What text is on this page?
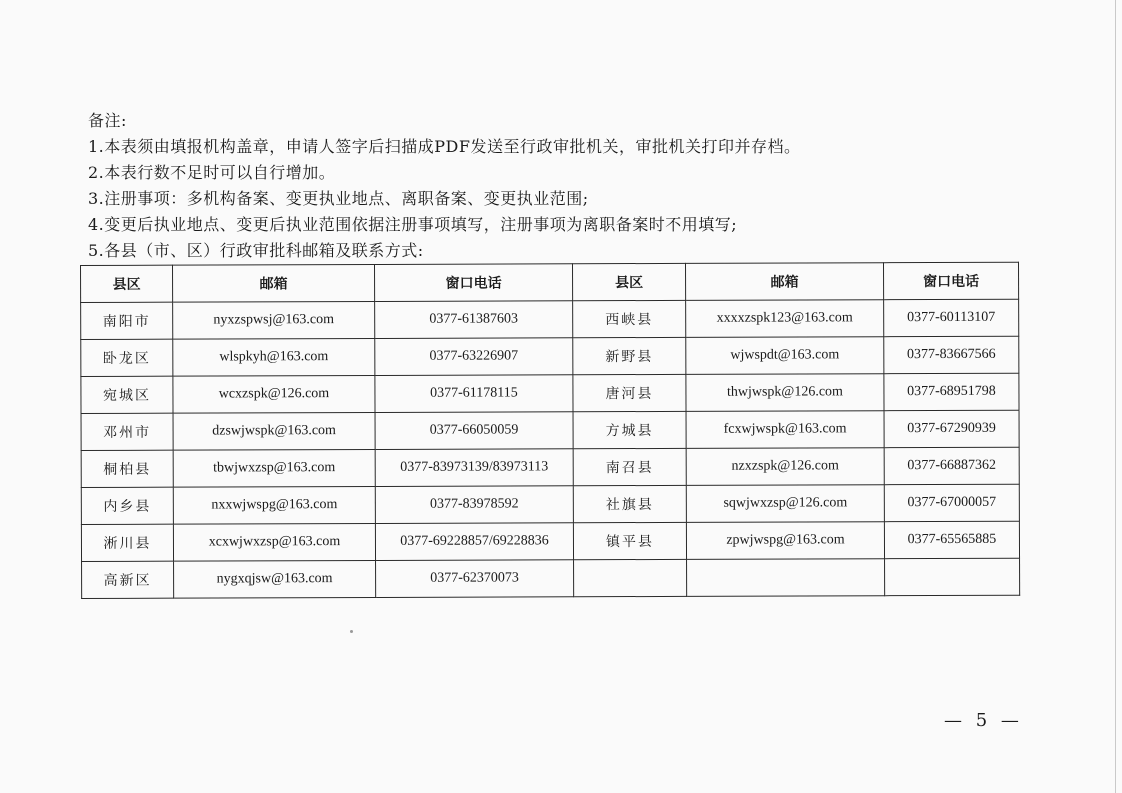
备注:
1.本表须由填报机构盖章，申请人签字后扫描成PDF发送至行政审批机关，审批机关打印并存档。
2.本表行数不足时可以自行增加。
3.注册事项：多机构备案、变更执业地点、离职备案、变更执业范围;
4.变更后执业地点、变更后执业范围依据注册事项填写，注册事项为离职备案时不用填写;
5.各县（市、区）行政审批科邮箱及联系方式:
县区	邮箱	窗口电话	县区	邮箱	窗口电话
南阳市	nyxzspwsj@163.com	0377-61387603	西峡县	xxxxzspk123@163.com	0377-60113107
卧龙区	wlspkyh@163.com	0377-63226907	新野县	wjwspdt@163.com	0377-83667566
宛城区	wcxzspk@126.com	0377-61178115	唐河县	thwjwspk@126.com	0377-68951798
邓州市	dzswjwspk@163.com	0377-66050059	方城县	fcxwjwspk@163.com	0377-67290939
桐柏县	tbwjwxzsp@163.com	0377-83973139/83973113	南召县	nzxzspk@126.com	0377-66887362
内乡县	nxxwjwspg@163.com	0377-83978592	社旗县	sqwjwxzsp@126.com	0377-67000057
淅川县	xcxwjwxzsp@163.com	0377-69228857/69228836	镇平县	zpwjwspg@163.com	0377-65565885
高新区	nygxqjsw@163.com	0377-62370073			
— 5 —
